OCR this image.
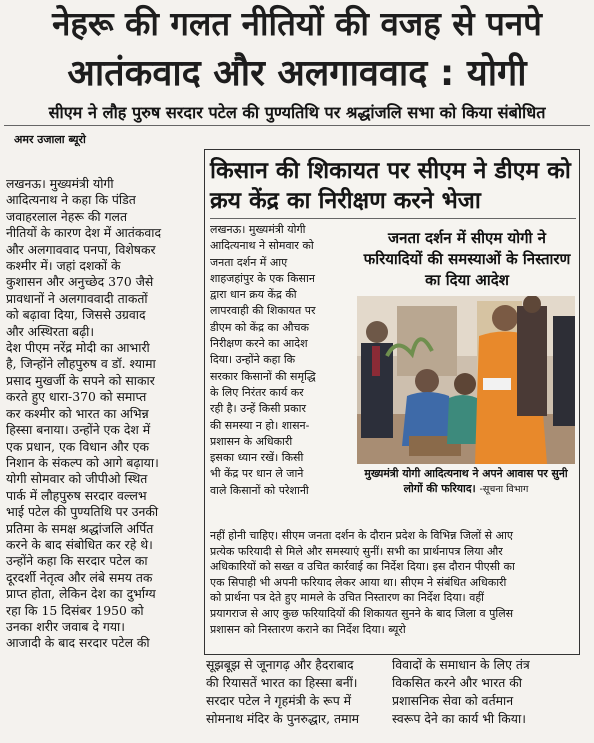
नेहरू की गलत नीतियों की वजह से पनपे
आतंकवाद और अलगाववाद : योगी
सीएम ने लौह पुरुष सरदार पटेल की पुण्यतिथि पर श्रद्धांजलि सभा को किया संबोधित
अमर उजाला ब्यूरो
लखनऊ। मुख्यमंत्री योगी
आदित्यनाथ ने कहा कि पंडित
जवाहरलाल नेहरू की गलत
नीतियों के कारण देश में आतंकवाद
और अलगाववाद पनपा, विशेषकर
कश्मीर में। जहां दशकों के
कुशासन और अनुच्छेद 370 जैसे
प्रावधानों ने अलगाववादी ताकतों
को बढ़ावा दिया, जिससे उग्रवाद
और अस्थिरता बढ़ी।
देश पीएम नरेंद्र मोदी का आभारी
है, जिन्होंने लौहपुरुष व डॉ. श्यामा
प्रसाद मुखर्जी के सपने को साकार
करते हुए धारा-370 को समाप्त
कर कश्मीर को भारत का अभिन्न
हिस्सा बनाया। उन्होंने एक देश में
एक प्रधान, एक विधान और एक
निशान के संकल्प को आगे बढ़ाया।
योगी सोमवार को जीपीओ स्थित
पार्क में लौहपुरुष सरदार वल्लभ
भाई पटेल की पुण्यतिथि पर उनकी
प्रतिमा के समक्ष श्रद्धांजलि अर्पित
करने के बाद संबोधित कर रहे थे।
उन्होंने कहा कि सरदार पटेल का
दूरदर्शी नेतृत्व और लंबे समय तक
प्राप्त होता, लेकिन देश का दुर्भाग्य
रहा कि 15 दिसंबर 1950 को
उनका शरीर जवाब दे गया।
आजादी के बाद सरदार पटेल की
किसान की शिकायत पर सीएम ने डीएम को क्रय केंद्र का निरीक्षण करने भेजा
लखनऊ। मुख्यमंत्री योगी
आदित्यनाथ ने सोमवार को
जनता दर्शन में आए
शाहजहांपुर के एक किसान
द्वारा धान क्रय केंद्र की
लापरवाही की शिकायत पर
डीएम को केंद्र का औचक
निरीक्षण करने का आदेश
दिया। उन्होंने कहा कि
सरकार किसानों की समृद्धि
के लिए निरंतर कार्य कर
रही है। उन्हें किसी प्रकार
की समस्या न हो। शासन-
प्रशासन के अधिकारी
इसका ध्यान रखें। किसी
भी केंद्र पर धान ले जाने
वाले किसानों को परेशानी
जनता दर्शन में सीएम योगी ने फरियादियों की समस्याओं के निस्तारण का दिया आदेश
मुख्यमंत्री योगी आदित्यनाथ ने अपने आवास पर सुनी लोगों की फरियाद। -सूचना विभाग
नहीं होनी चाहिए। सीएम जनता दर्शन के दौरान प्रदेश के विभिन्न जिलों से आए
प्रत्येक फरियादी से मिले और समस्याएं सुनीं। सभी का प्रार्थनापत्र लिया और
अधिकारियों को सख्त व उचित कार्रवाई का निर्देश दिया। इस दौरान पीएसी का
एक सिपाही भी अपनी फरियाद लेकर आया था। सीएम ने संबंधित अधिकारी
को प्रार्थना पत्र देते हुए मामले के उचित निस्तारण का निर्देश दिया। वहीं
प्रयागराज से आए कुछ फरियादियों की शिकायत सुनने के बाद जिला व पुलिस
प्रशासन को निस्तारण कराने का निर्देश दिया। ब्यूरो
सूझबूझ से जूनागढ़ और हैदराबाद
की रियासतें भारत का हिस्सा बनीं।
सरदार पटेल ने गृहमंत्री के रूप में
सोमनाथ मंदिर के पुनरुद्धार, तमाम
विवादों के समाधान के लिए तंत्र
विकसित करने और भारत की
प्रशासनिक सेवा को वर्तमान
स्वरूप देने का कार्य भी किया।
